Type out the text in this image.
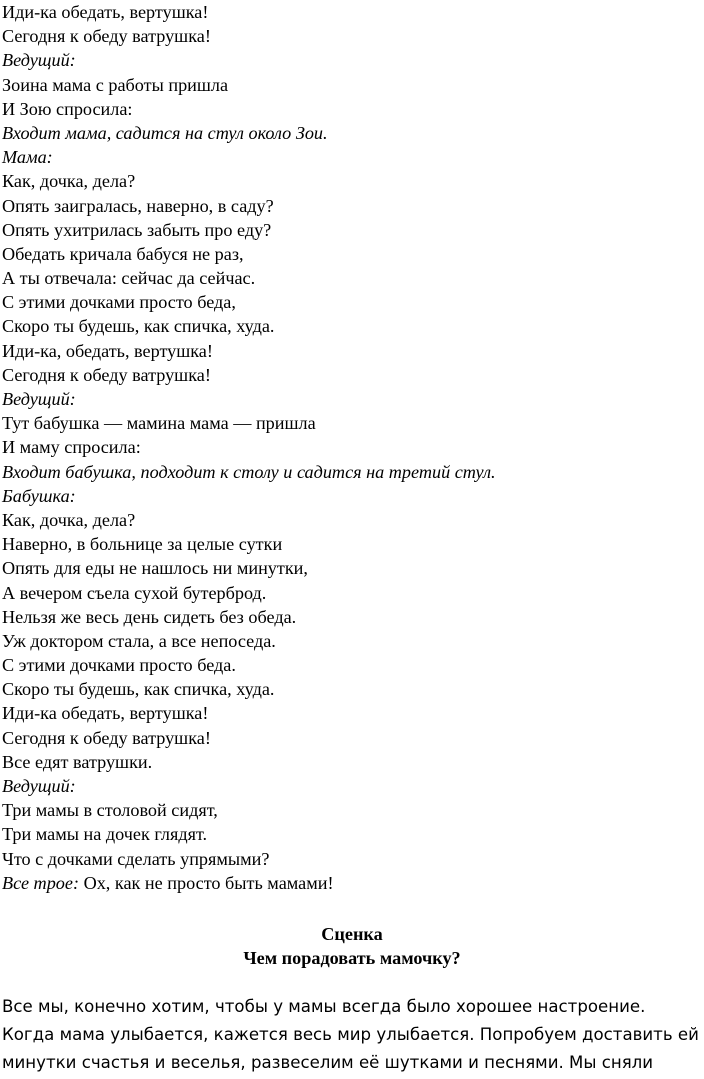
Иди-ка обедать, вертушка!
Сегодня к обеду ватрушка!
Ведущий:
Зоина мама с работы пришла
И Зою спросила:
Входит мама, садится на стул около Зои.
Мама:
Как, дочка, дела?
Опять заигралась, наверно, в саду?
Опять ухитрилась забыть про еду?
Обедать кричала бабуся не раз,
А ты отвечала: сейчас да сейчас.
С этими дочками просто беда,
Скоро ты будешь, как спичка, худа.
Иди-ка, обедать, вертушка!
Сегодня к обеду ватрушка!
Ведущий:
Тут бабушка — мамина мама — пришла
И маму спросила:
Входит бабушка, подходит к столу и садится на третий стул.
Бабушка:
Как, дочка, дела?
Наверно, в больнице за целые сутки
Опять для еды не нашлось ни минутки,
А вечером съела сухой бутерброд.
Нельзя же весь день сидеть без обеда.
Уж доктором стала, а все непоседа.
С этими дочками просто беда.
Скоро ты будешь, как спичка, худа.
Иди-ка обедать, вертушка!
Сегодня к обеду ватрушка!
Все едят ватрушки.
Ведущий:
Три мамы в столовой сидят,
Три мамы на дочек глядят.
Что с дочками сделать упрямыми?
Все трое: Ох, как не просто быть мамами!
Сценка
Чем порадовать мамочку?
Все мы, конечно хотим, чтобы у мамы всегда было хорошее настроение.
Когда мама улыбается, кажется весь мир улыбается. Попробуем доставить ей
минутки счастья и веселья, развеселим её шутками и песнями. Мы сняли
